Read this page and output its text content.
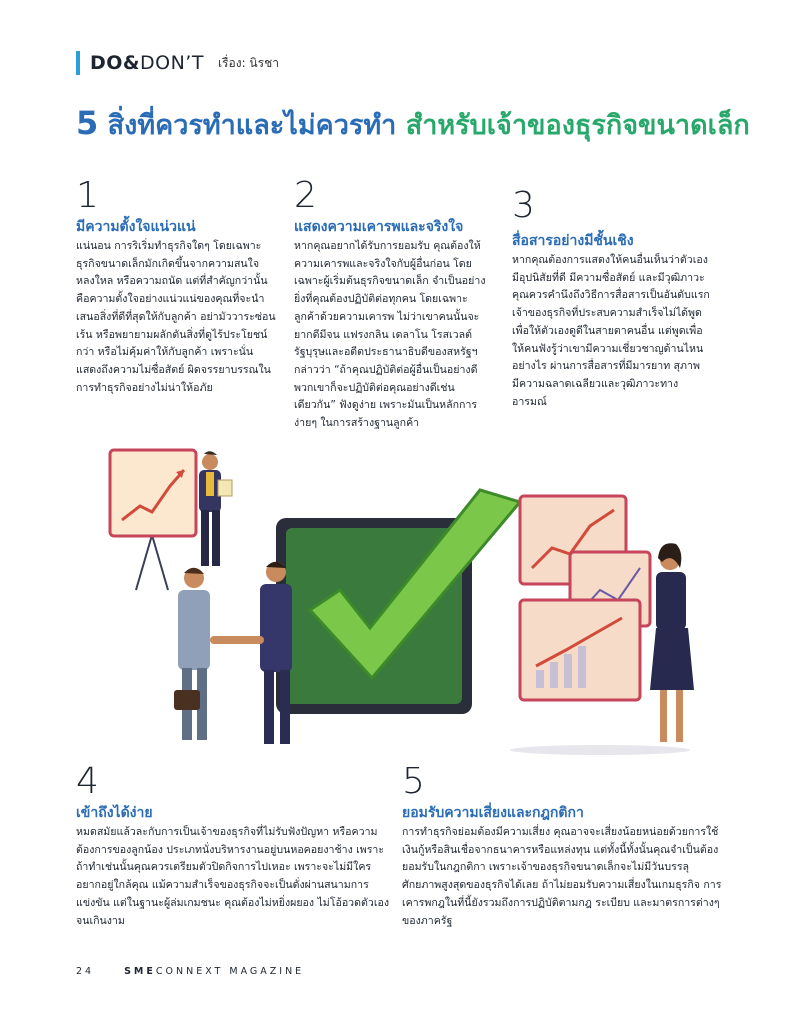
DO& DON’T เรื่อง: นิรชา
5 สิ่งที่ควรทำและไม่ควรทำ สำหรับเจ้าของธุรกิจขนาดเล็ก
1
มีความตั้งใจแน่วแน่

แน่นอน การริเริ่มทำธุรกิจใดๆ โดยเฉพาะธุรกิจขนาดเล็กมักเกิดขึ้นจากความสนใจ หลงใหล หรือความถนัด แต่ที่สำคัญกว่านั้นคือความตั้งใจอย่างแน่วแน่ของคุณที่จะนำเสนอสิ่งที่ดีที่สุดให้กับลูกค้า อย่ามัววาระซ่อนเร้น หรือพยายามผลักดันสิ่งที่ดูไร้ประโยชน์กว่า หรือไม่คุ้มค่าให้กับลูกค้า เพราะนั่นแสดงถึงความไม่ซื่อสัตย์ ผิดจรรยาบรรณในการทำธุรกิจอย่างไม่น่าให้อภัย

2
แสดงความเคารพและจริงใจ

หากคุณอยากได้รับการยอมรับ คุณต้องให้ความเคารพและจริงใจกับผู้อื่นก่อน โดยเฉพาะผู้เริ่มต้นธุรกิจขนาดเล็ก จำเป็นอย่างยิ่งที่คุณต้องปฏิบัติต่อทุกคน โดยเฉพาะลูกค้าด้วยความเคารพ ไม่ว่าเขาคนนั้นจะยากดีมีจน แฟรงกลิน เดลาโน โรสเวลต์ รัฐบุรุษและอดีตประธานาธิบดีของสหรัฐฯ กล่าวว่า “ถ้าคุณปฏิบัติต่อผู้อื่นเป็นอย่างดี พวกเขาก็จะปฏิบัติต่อคุณอย่างดีเช่นเดียวกัน” ฟังดูง่าย เพราะมันเป็นหลักการง่ายๆ ในการสร้างฐานลูกค้า

3
สื่อสารอย่างมีชั้นเชิง

หากคุณต้องการแสดงให้คนอื่นเห็นว่าตัวเองมีอุปนิสัยที่ดี มีความซื่อสัตย์ และมีวุฒิภาวะ คุณควรคำนึงถึงวิธีการสื่อสารเป็นอันดับแรก เจ้าของธุรกิจที่ประสบความสำเร็จไม่ได้พูดเพื่อให้ตัวเองดูดีในสายตาคนอื่น แต่พูดเพื่อให้คนฟังรู้ว่าเขามีความเชี่ยวชาญด้านไหน อย่างไร ผ่านการสื่อสารที่มีมารยาท สุภาพ มีความฉลาดเฉลียวและวุฒิภาวะทางอารมณ์

4
เข้าถึงได้ง่าย

หมดสมัยแล้วละกับการเป็นเจ้าของธุรกิจที่ไม่รับฟังปัญหา หรือความต้องการของลูกน้อง ประเภทนั่งบริหารงานอยู่บนหอคอยงาช้าง เพราะถ้าทำเช่นนั้นคุณควรเตรียมตัวปิดกิจการไปเหอะ เพราะจะไม่มีใครอยากอยู่ใกล้คุณ แม้ความสำเร็จของธุรกิจจะเป็นดั่งผ่านสนามการแข่งขัน แต่ในฐานะผู้ล่มเกมชนะ คุณต้องไม่หยิ่งผยอง ไม่โอ้อวดตัวเองจนเกินงาม

5
ยอมรับความเสี่ยงและกฎกติกา

การทำธุรกิจย่อมต้องมีความเสี่ยง คุณอาจจะเสี่ยงน้อยหน่อยด้วยการใช้เงินกู้หรือสินเชื่อจากธนาคารหรือแหล่งทุน แต่ทั้งนี้ทั้งนั้นคุณจำเป็นต้องยอมรับในกฎกติกา เพราะเจ้าของธุรกิจขนาดเล็กจะไม่มีวันบรรลุศักยภาพสูงสุดของธุรกิจได้เลย ถ้าไม่ยอมรับความเสี่ยงในเกมธุรกิจ การเคารพกฎในที่นี้ยังรวมถึงการปฏิบัติตามกฎ ระเบียบ และมาตรการต่างๆ ของภาครัฐ

24	SME CONNEXT MAGAZINE
